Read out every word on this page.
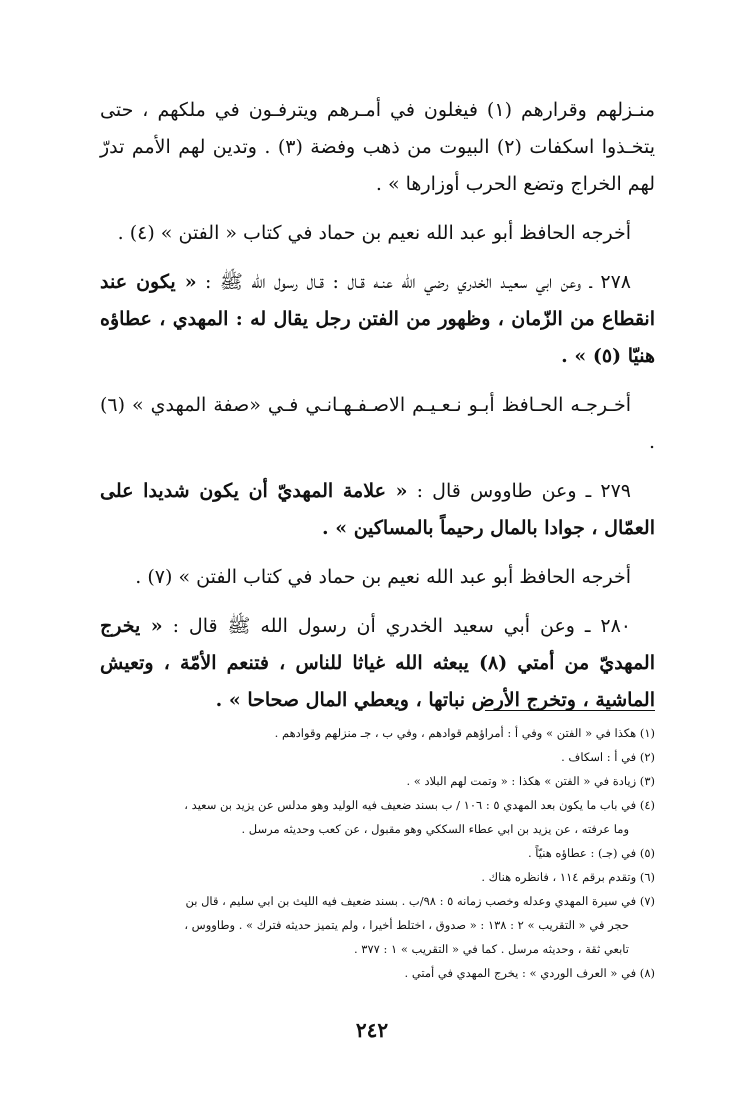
منـزلهم وقرارهم (١) فيغلون في أمـرهم ويترفـون في ملكهم ، حتى يتخـذوا اسكفات (٢) البيوت من ذهب وفضة (٣) . وتدين لهم الأمم تدرّ لهم الخراج وتضع الحرب أوزارها » .

أخرجه الحافظ أبو عبد الله نعيم بن حماد في كتاب « الفتن » (٤) .

٢٧٨ ـ وعن ابي سعيـد الخدري رضي الله عنـه قـال : قـال رسول الله ﷺ : « يكون عند انقطاع من الزّمان ، وظهور من الفتن رجل يقال له : المهدي ، عطاؤه هنيّا (٥) » .

أخـرجـه الحـافظ أبـو نـعـيـم الاصـفـهـانـي فـي «صفة المهدي » (٦) .

٢٧٩ ـ وعن طاووس قال : « علامة المهديّ أن يكون شديدا على العمّال ، جوادا بالمال رحيماً بالمساكين » .

أخرجه الحافظ أبو عبد الله نعيم بن حماد في كتاب الفتن » (٧) .

٢٨٠ ـ وعن أبي سعيد الخدري أن رسول الله ﷺ قال : « يخرج المهديّ من أمتي (٨) يبعثه الله غياثا للناس ، فتنعم الأمّة ، وتعيش الماشية ، وتخرج الأرض نباتها ، ويعطي المال صحاحا » .

(١) هكذا في « الفتن » وفي أ : أمراؤهم قوادهم ، وفي ب ، جـ منزلهم وقوادهم .

(٢) في أ : اسكاف .

(٣) زيادة في « الفتن » هكذا : « وتمت لهم البلاد » .

(٤) في باب ما يكون بعد المهدي ٥ : ١٠٦ / ب بسند ضعيف فيه الوليد وهو مدلس عن يزيد بن سعيد ،

وما عرفته ، عن يزيد بن ابي عطاء السككي وهو مقبول ، عن كعب وحديثه مرسل .

(٥) في (جـ) : عطاؤه هنيّاً .

(٦) وتقدم برقم ١١٤ ، فانظره هناك .

(٧) في سيرة المهدي وعدله وخصب زمانه ٥ : ٩٨/ب . بسند ضعيف فيه الليث بن ابي سليم ، قال بن

حجر في « التقريب » ٢ : ١٣٨ : « صدوق ، اختلط أخيرا ، ولم يتميز حديثه فترك » . وطاووس ،

تابعي ثقة ، وحديثه مرسل . كما في « التقريب » ١ : ٣٧٧ .

(٨) في « العرف الوردي » : يخرج المهدي في أمتي .

٢٤٢
